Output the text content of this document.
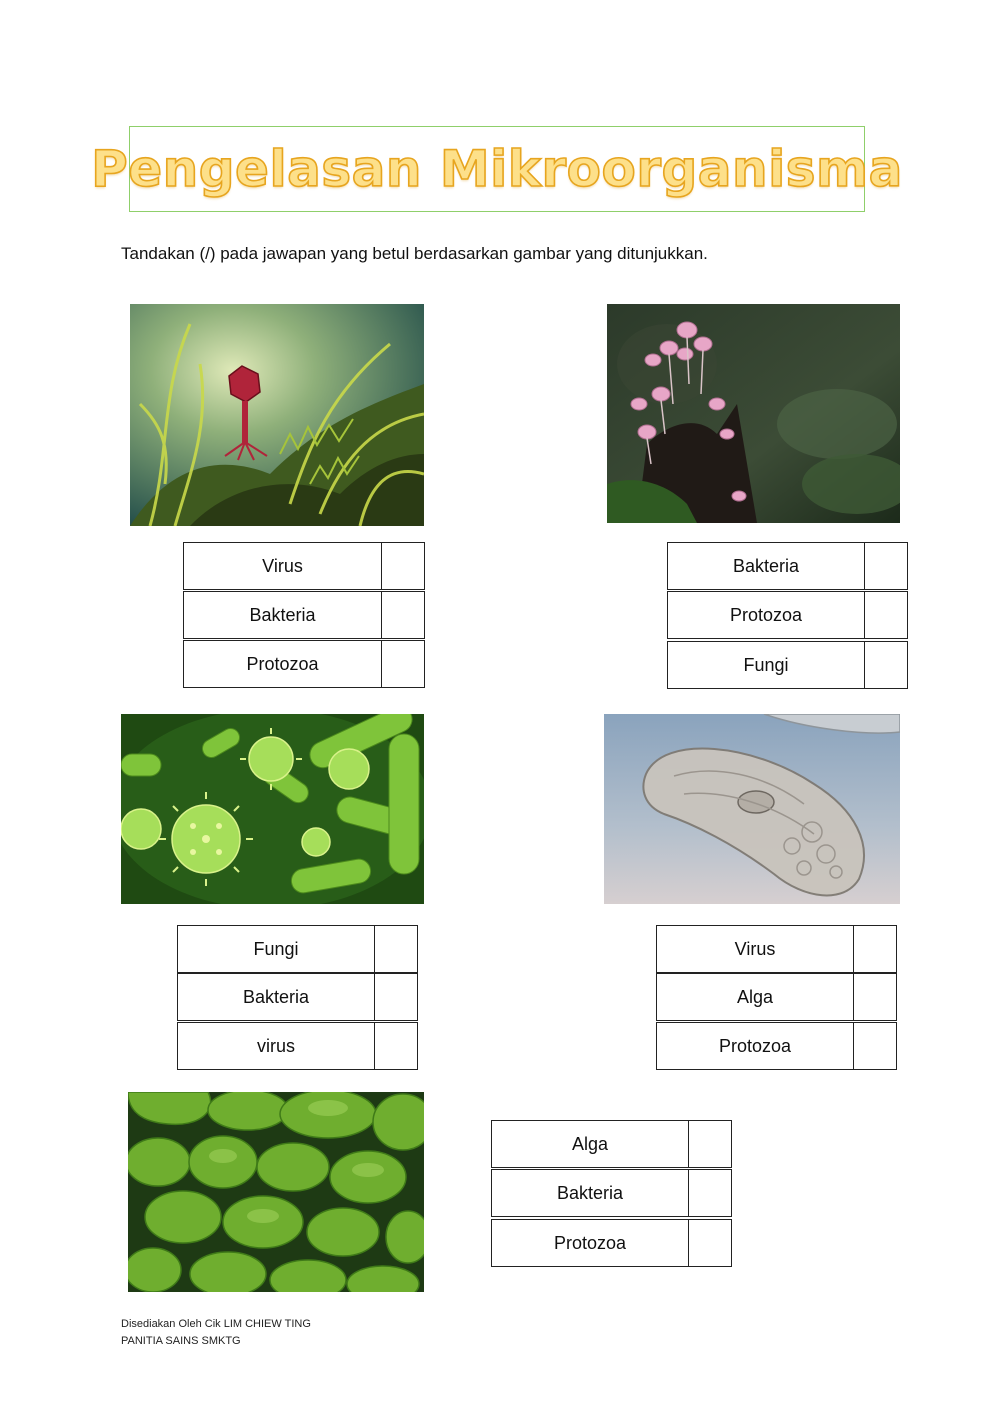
Pengelasan Mikroorganisma
Tandakan (/) pada jawapan yang betul berdasarkan gambar yang ditunjukkan.
Virus
Bakteria
Protozoa
Bakteria
Protozoa
Fungi
Fungi
Bakteria
virus
Virus
Alga
Protozoa
Alga
Bakteria
Protozoa
Disediakan Oleh Cik LIM CHIEW TING
PANITIA SAINS SMKTG
